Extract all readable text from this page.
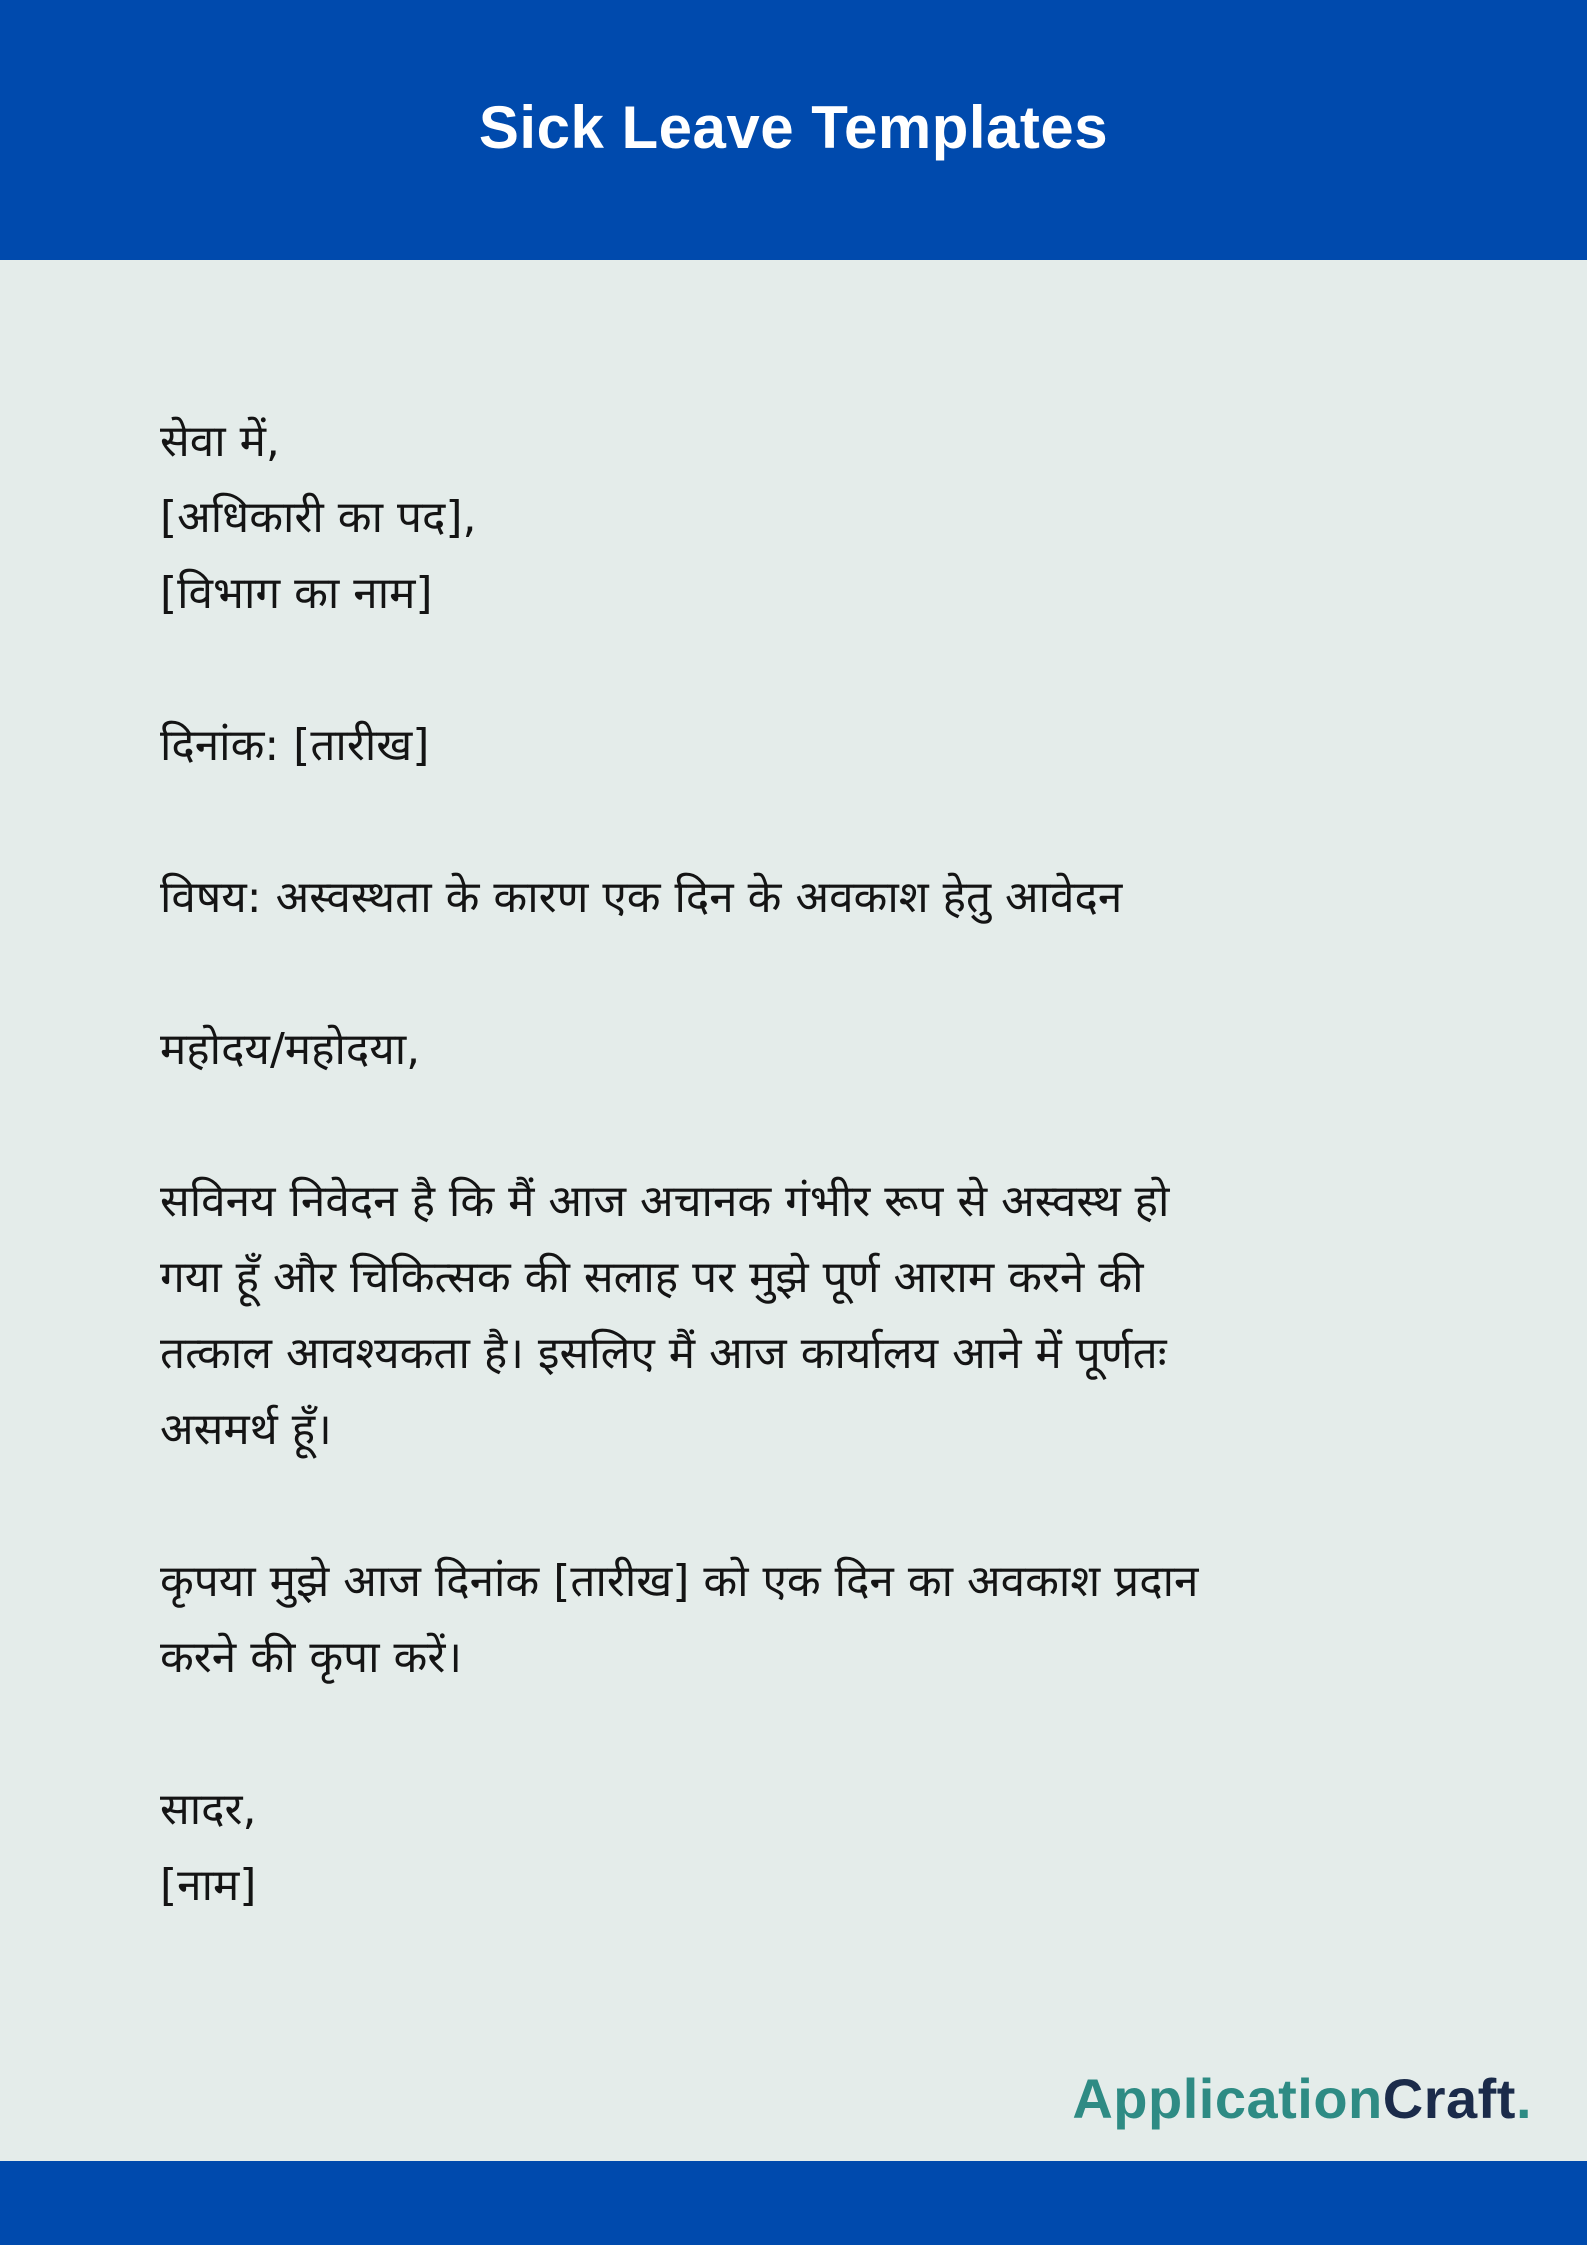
Sick Leave Templates

सेवा में,

[अधिकारी का पद],

[विभाग का नाम]

दिनांक: [तारीख]

विषय: अस्वस्थता के कारण एक दिन के अवकाश हेतु आवेदन

महोदय/महोदया,

सविनय निवेदन है कि मैं आज अचानक गंभीर रूप से अस्वस्थ हो

गया हूँ और चिकित्सक की सलाह पर मुझे पूर्ण आराम करने की

तत्काल आवश्यकता है। इसलिए मैं आज कार्यालय आने में पूर्णतः

असमर्थ हूँ।

कृपया मुझे आज दिनांक [तारीख] को एक दिन का अवकाश प्रदान

करने की कृपा करें।

सादर,

[नाम]

ApplicationCraft.
